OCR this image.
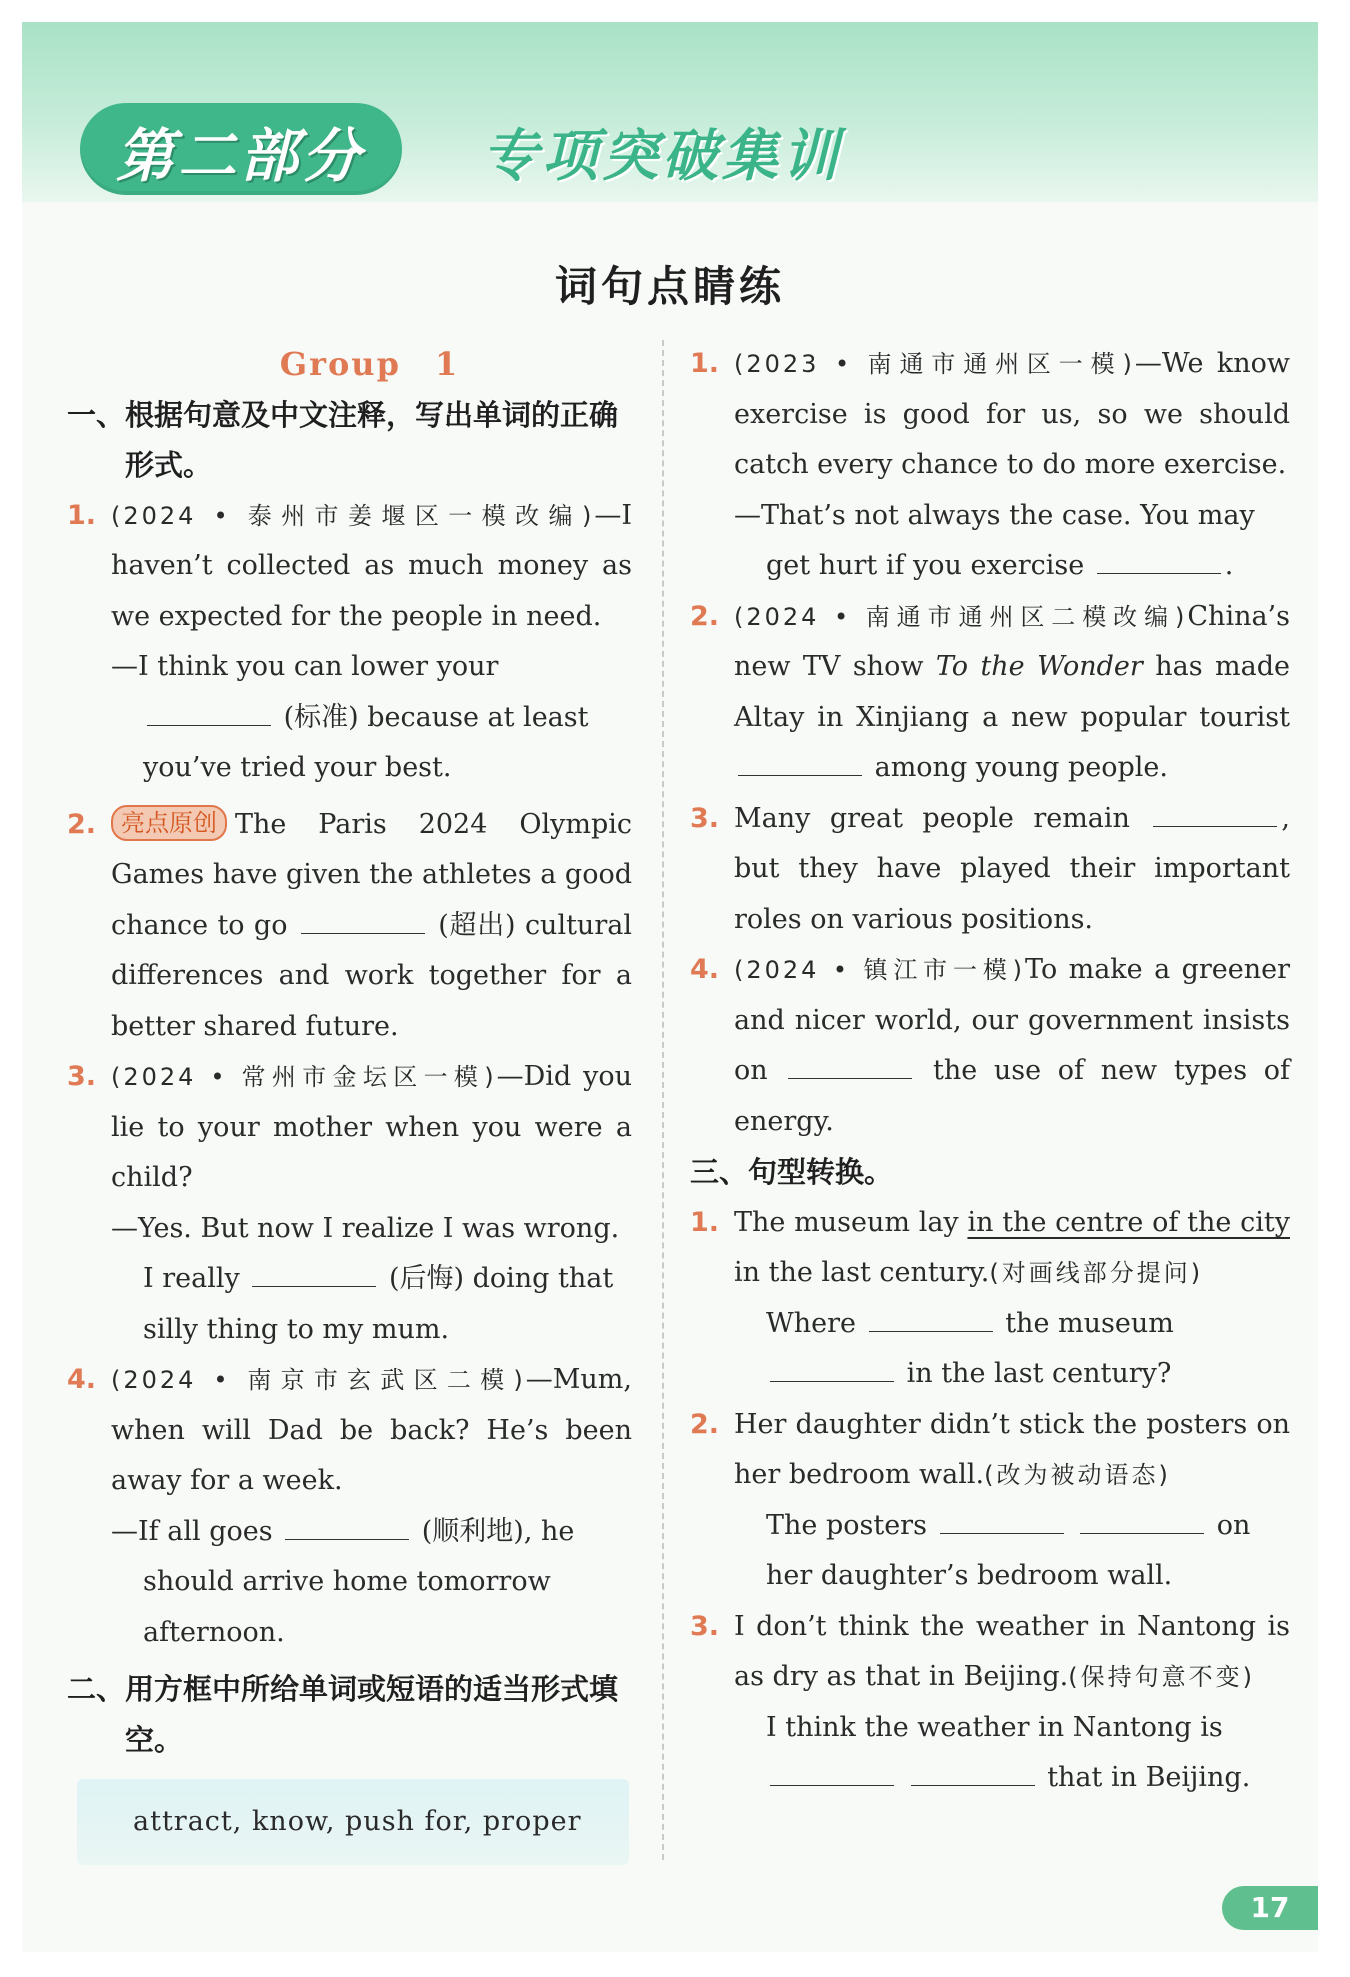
第二部分 专项突破集训
词句点睛练
Group　1
一、根据句意及中文注释，写出单词的正确形式。
1. (2024 • 泰州市姜堰区一模改编)—I haven’t collected as much money as we expected for the people in need.
—I think you can lower your  (标准) because at least you’ve tried your best.
2. 亮点原创 The Paris 2024 Olympic Games have given the athletes a good chance to go	(超出) cultural differences and work together for a better shared future.
3. (2024 • 常州市金坛区一模)—Did you lie to your mother when you were a child?
—Yes. But now I realize I was wrong. I really	(后悔) doing that silly thing to my mum.
4. (2024 • 南京市玄武区二模)—Mum, when will Dad be back? He’s been away for a week.
—If all goes	(顺利地), he should arrive home tomorrow afternoon.
二、用方框中所给单词或短语的适当形式填空。
attract, know, push for, proper
1. (2023 • 南通市通州区一模)—We know exercise is good for us, so we should catch every chance to do more exercise.
—That’s not always the case. You may get hurt if you exercise	.
2. (2024 • 南通市通州区二模改编)China’s new TV show To the Wonder has made Altay in Xinjiang a new popular tourist  among young people.
3. Many great people remain	, but they have played their important roles on various positions.
4. (2024 • 镇江市一模)To make a greener and nicer world, our government insists on	the use of new types of energy.
三、句型转换。
1. The museum lay in the centre of the city in the last century.(对画线部分提问)
Where	the museum  in the last century?
2. Her daughter didn’t stick the posters on her bedroom wall.(改为被动语态)
The posters	on her daughter’s bedroom wall.
3. I don’t think the weather in Nantong is as dry as that in Beijing.(保持句意不变)
I think the weather in Nantong is   that in Beijing.
17
